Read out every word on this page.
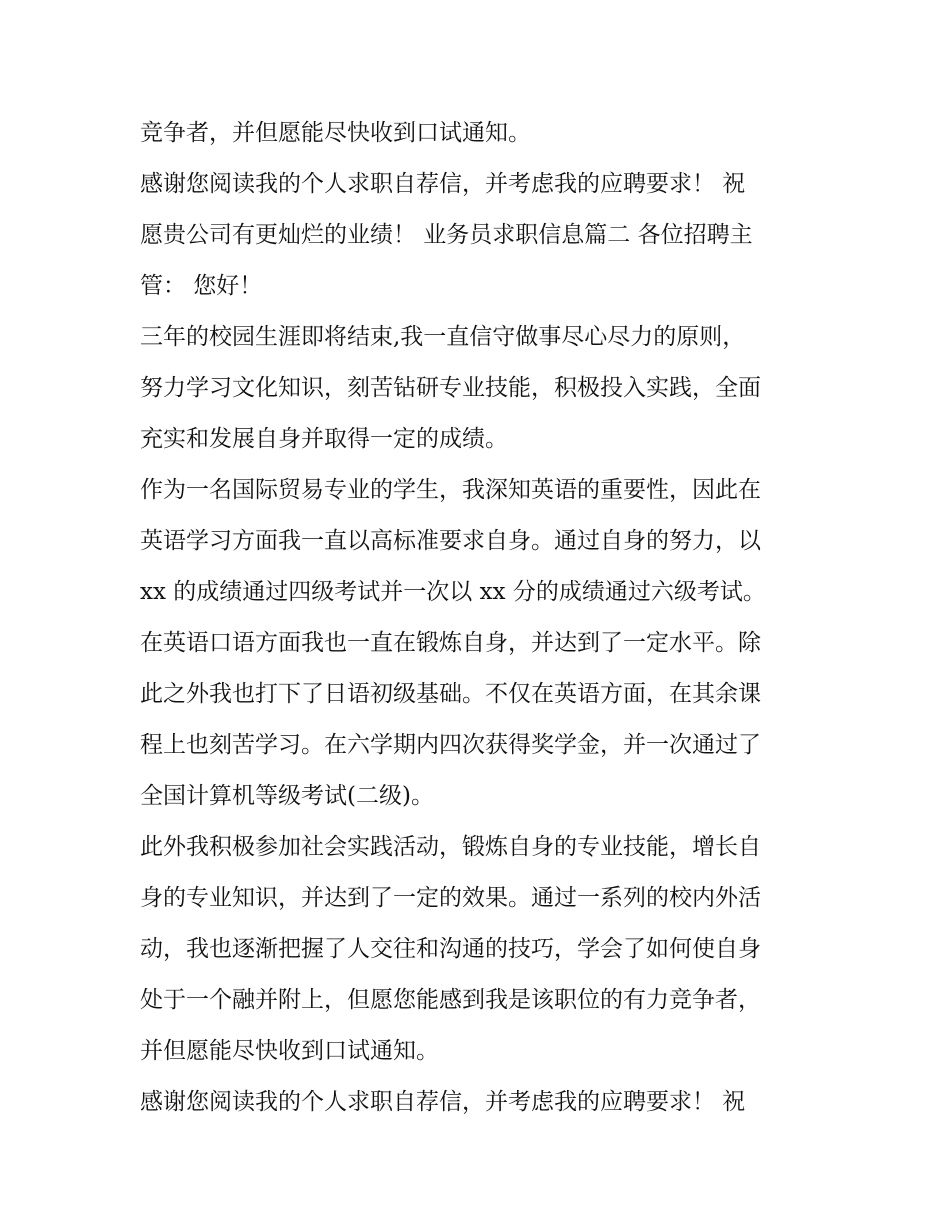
竞争者，并但愿能尽快收到口试通知。
感谢您阅读我的个人求职自荐信，并考虑我的应聘要求！ 祝
愿贵公司有更灿烂的业绩！ 业务员求职信息篇二 各位招聘主
管： 您好！
三年的校园生涯即将结束,我一直信守做事尽心尽力的原则，
努力学习文化知识，刻苦钻研专业技能，积极投入实践，全面
充实和发展自身并取得一定的成绩。
作为一名国际贸易专业的学生，我深知英语的重要性，因此在
英语学习方面我一直以高标准要求自身。通过自身的努力，以
xx 的成绩通过四级考试并一次以 xx 分的成绩通过六级考试。
在英语口语方面我也一直在锻炼自身，并达到了一定水平。除
此之外我也打下了日语初级基础。不仅在英语方面，在其余课
程上也刻苦学习。在六学期内四次获得奖学金，并一次通过了
全国计算机等级考试(二级)。
此外我积极参加社会实践活动，锻炼自身的专业技能，增长自
身的专业知识，并达到了一定的效果。通过一系列的校内外活
动，我也逐渐把握了人交往和沟通的技巧，学会了如何使自身
处于一个融并附上，但愿您能感到我是该职位的有力竞争者，
并但愿能尽快收到口试通知。
感谢您阅读我的个人求职自荐信，并考虑我的应聘要求！ 祝
